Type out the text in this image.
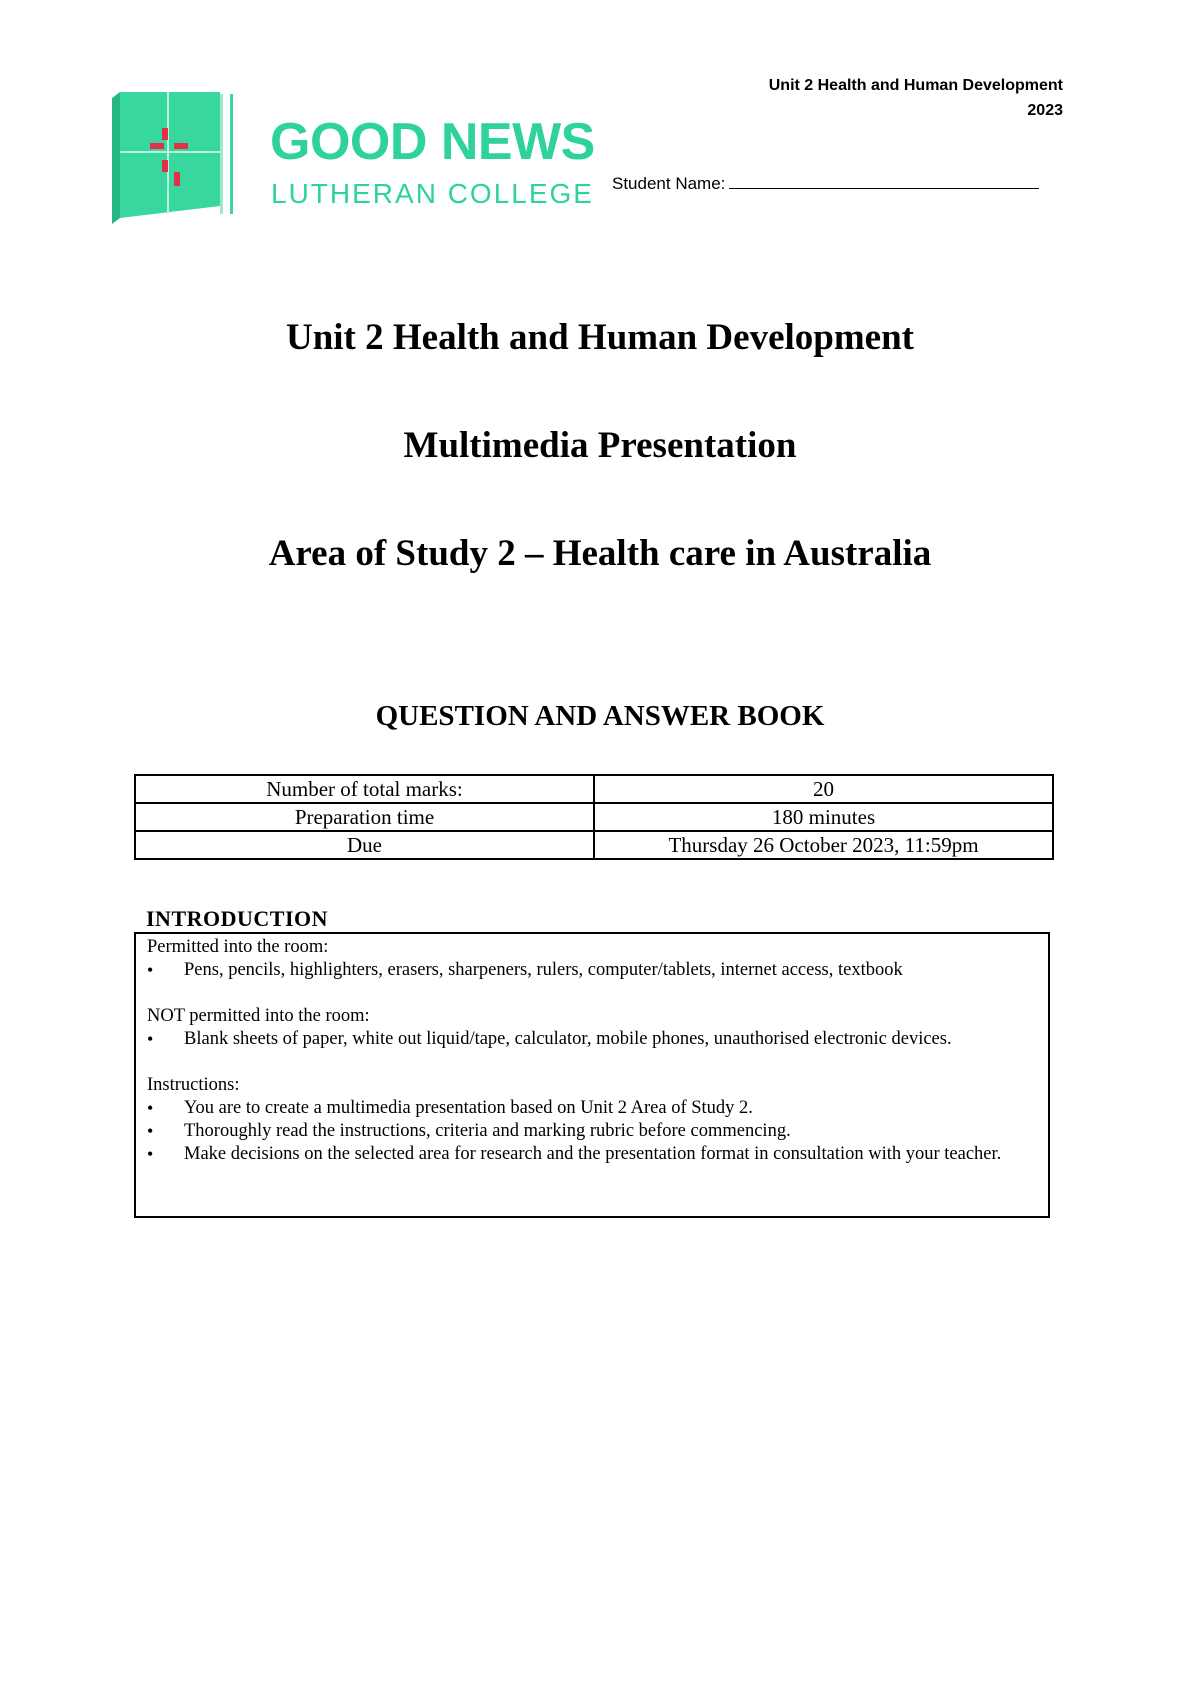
GOOD NEWS
LUTHERAN COLLEGE
Unit 2 Health and Human Development
2023
Student Name:
Unit 2 Health and Human Development
Multimedia Presentation
Area of Study 2 – Health care in Australia
QUESTION AND ANSWER BOOK
Number of total marks:	20
Preparation time	180 minutes
Due	Thursday 26 October 2023, 11:59pm
INTRODUCTION

Permitted into the room:

• Pens, pencils, highlighters, erasers, sharpeners, rulers, computer/tablets, internet access, textbook

NOT permitted into the room:

• Blank sheets of paper, white out liquid/tape, calculator, mobile phones, unauthorised electronic devices.

Instructions:

• You are to create a multimedia presentation based on Unit 2 Area of Study 2.
• Thoroughly read the instructions, criteria and marking rubric before commencing.
• Make decisions on the selected area for research and the presentation format in consultation with your teacher.
